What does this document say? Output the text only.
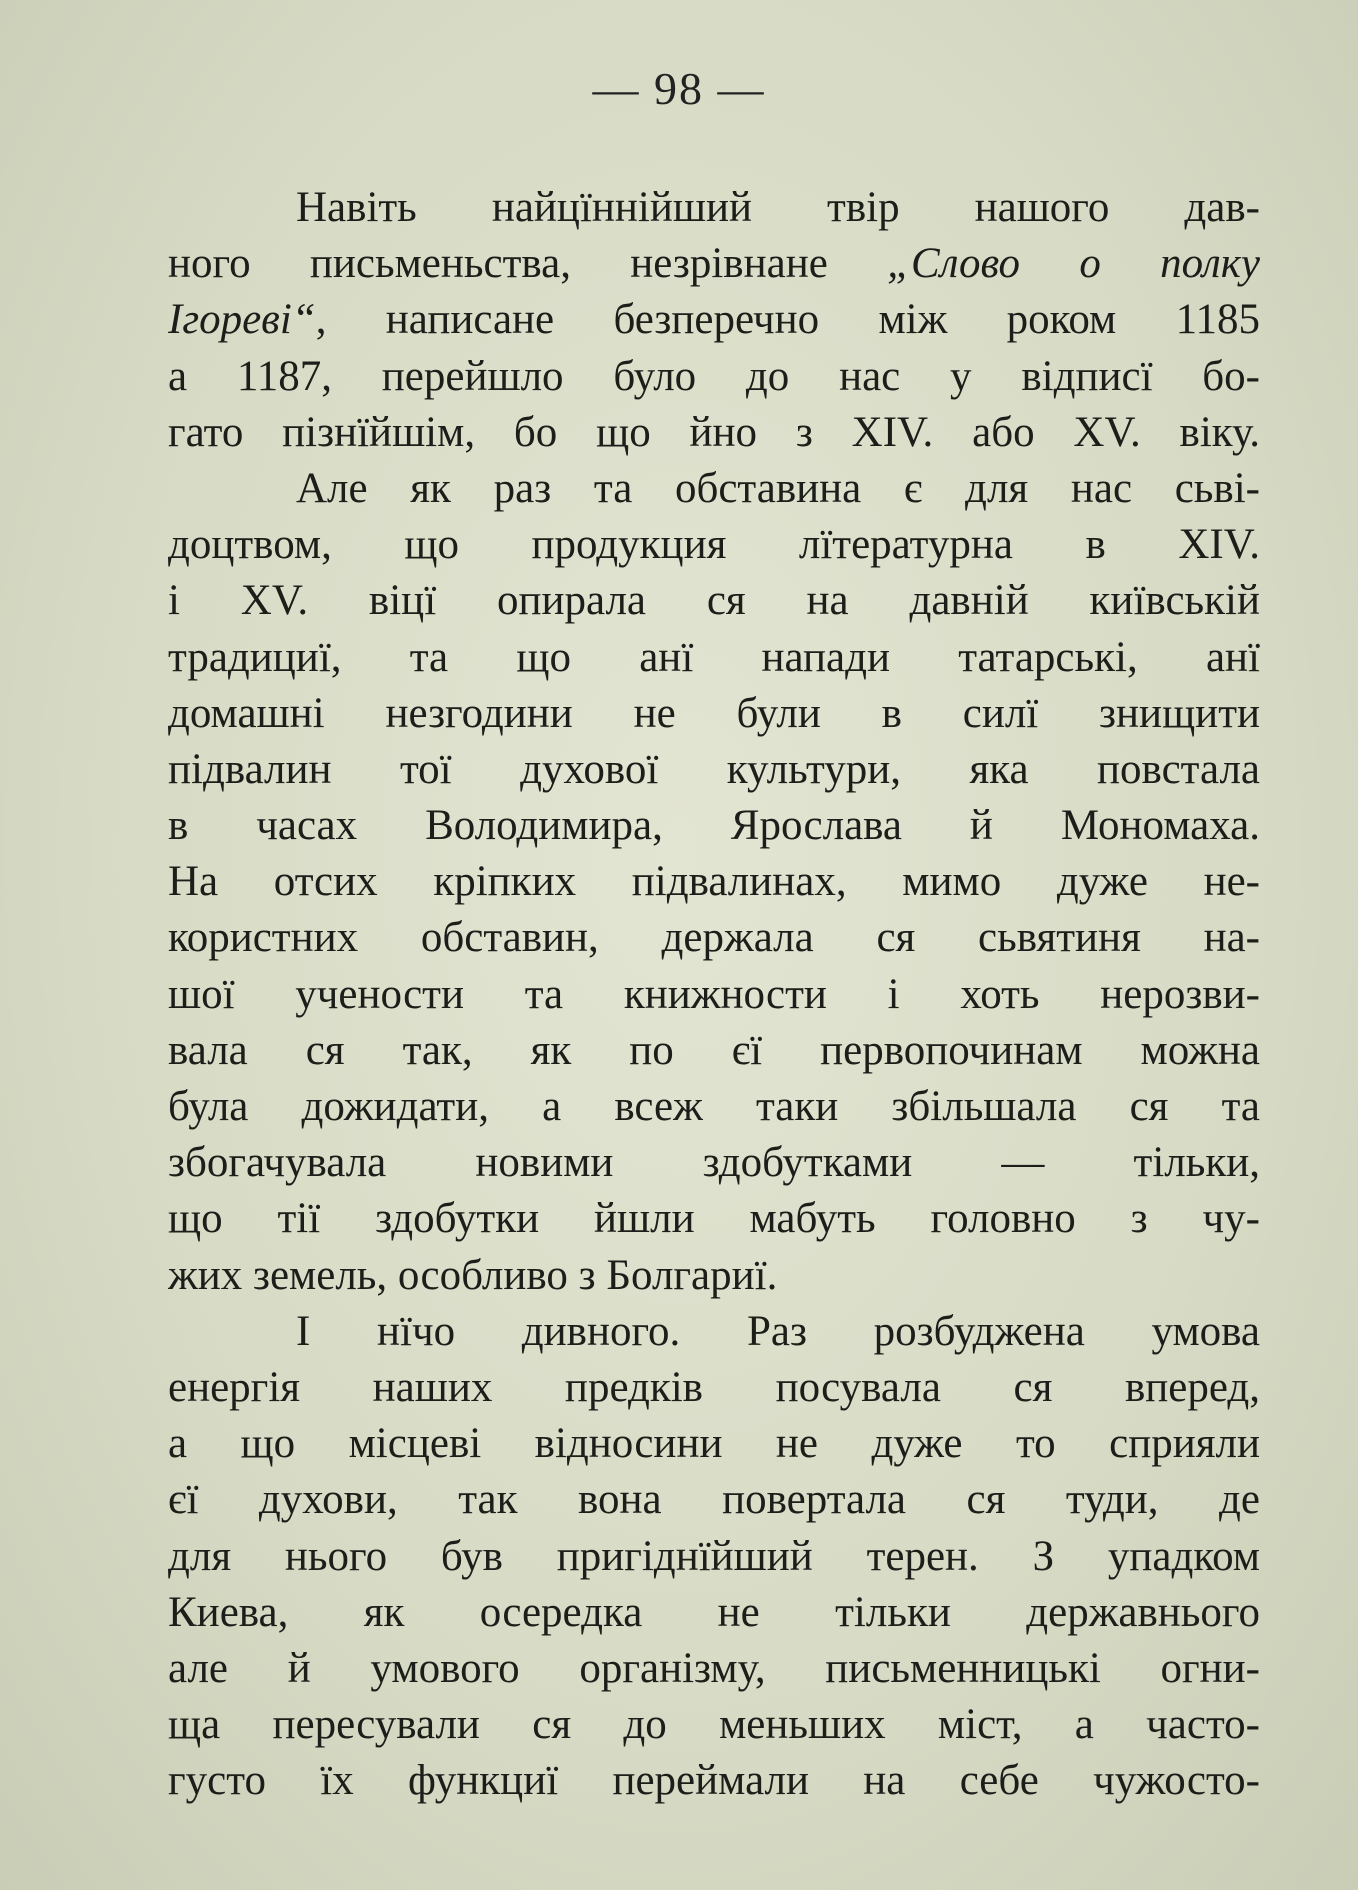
— 98 —
Навіть найцїннійший твір нашого дав-
ного письменьства, незрівнане „Слово о полку
Ігореві“, написане безперечно між роком 1185
а 1187, перейшло було до нас у відписї бо-
гато пізнїйшім, бо що йно з XIV. або XV. віку.
Але як раз та обставина є для нас сьві-
доцтвом, що продукция лїтературна в XIV.
і XV. віцї опирала ся на давній київській
традициї, та що анї напади татарські, анї
домашні незгодини не були в силї знищити
підвалин тої духової культури, яка повстала
в часах Володимира, Ярослава й Мономаха.
На отсих кріпких підвалинах, мимо дуже не-
користних обставин, держала ся сьвятиня на-
шої учености та книжности і хоть нерозви-
вала ся так, як по єї первопочинам можна
була дожидати, а всеж таки збільшала ся та
збогачувала новими здобутками — тільки,
що тії здобутки йшли мабуть головно з чу-
жих земель, особливо з Болгариї.
І нїчо дивного. Раз розбуджена умова
енергія наших предків посувала ся вперед,
а що місцеві відносини не дуже то сприяли
єї духови, так вона повертала ся туди, де
для нього був пригіднїйший терен. З упадком
Киева, як осередка не тільки державнього
але й умового організму, письменницькі огни-
ща пересували ся до меньших міст, а часто-
густо їх функциї переймали на себе чужосто-
